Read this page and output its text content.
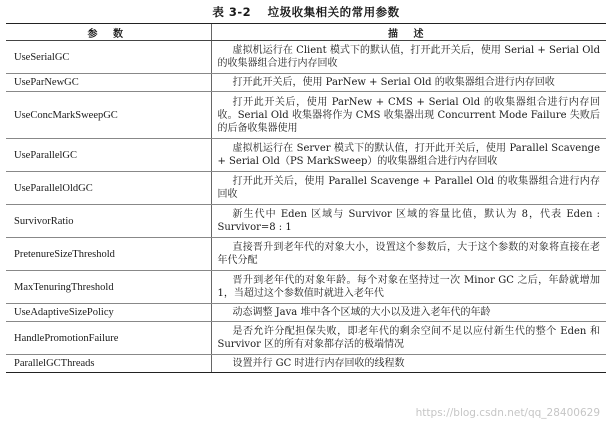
表 3-2 垃圾收集相关的常用参数
参 数	描 述
UseSerialGC	虚拟机运行在 Client 模式下的默认值，打开此开关后，使用 Serial + Serial Old 的收集器组合进行内存回收
UseParNewGC	打开此开关后，使用 ParNew + Serial Old 的收集器组合进行内存回收
UseConcMarkSweepGC	打开此开关后，使用 ParNew + CMS + Serial Old 的收集器组合进行内存回收。Serial Old 收集器将作为 CMS 收集器出现 Concurrent Mode Failure 失败后的后备收集器使用
UseParallelGC	虚拟机运行在 Server 模式下的默认值，打开此开关后，使用 Parallel Scavenge + Serial Old（PS MarkSweep）的收集器组合进行内存回收
UseParallelOldGC	打开此开关后，使用 Parallel Scavenge + Parallel Old 的收集器组合进行内存回收
SurvivorRatio	新生代中 Eden 区域与 Survivor 区域的容量比值，默认为 8，代表 Eden : Survivor=8 : 1
PretenureSizeThreshold	直接晋升到老年代的对象大小，设置这个参数后，大于这个参数的对象将直接在老年代分配
MaxTenuringThreshold	晋升到老年代的对象年龄。每个对象在坚持过一次 Minor GC 之后，年龄就增加 1，当超过这个参数值时就进入老年代
UseAdaptiveSizePolicy	动态调整 Java 堆中各个区域的大小以及进入老年代的年龄
HandlePromotionFailure	是否允许分配担保失败，即老年代的剩余空间不足以应付新生代的整个 Eden 和 Survivor 区的所有对象都存活的极端情况
ParallelGCThreads	设置并行 GC 时进行内存回收的线程数
https://blog.csdn.net/qq_28400629
